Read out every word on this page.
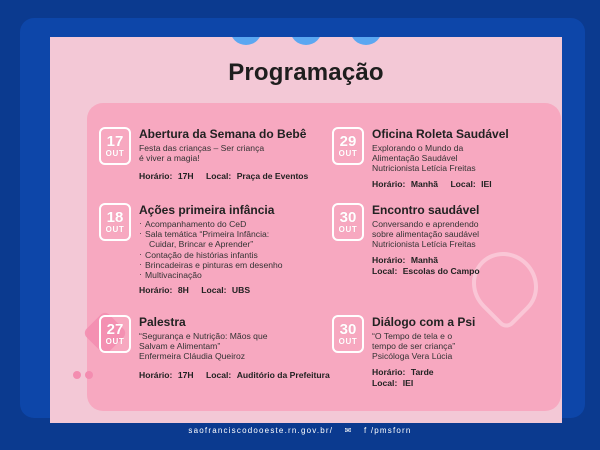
Programação
17
OUT
Abertura da Semana do Bebê
Festa das crianças – Ser criança
é viver a magia!
Horário: 17H Local: Praça de Eventos
18
OUT
Ações primeira infância
· Acompanhamento do CeD
· Sala temática “Primeira Infância:
Cuidar, Brincar e Aprender”
· Contação de histórias infantis
· Brincadeiras e pinturas em desenho
· Multivacinação
Horário: 8H Local: UBS
27
OUT
Palestra
“Segurança e Nutrição: Mãos que
Salvam e Alimentam”
Enfermeira Cláudia Queiroz
Horário: 17H Local: Auditório da Prefeitura
29
OUT
Oficina Roleta Saudável
Explorando o Mundo da
Alimentação Saudável
Nutricionista Letícia Freitas
Horário: Manhã Local: IEI
30
OUT
Encontro saudável
Conversando e aprendendo
sobre alimentação saudável
Nutricionista Letícia Freitas
Horário: Manhã
Local: Escolas do Campo
30
OUT
Diálogo com a Psi
“O Tempo de tela e o
tempo de ser criança”
Psicóloga Vera Lúcia
Horário: Tarde
Local: IEI
saofranciscodooeste.rn.gov.br/ ✉ f /pmsforn
